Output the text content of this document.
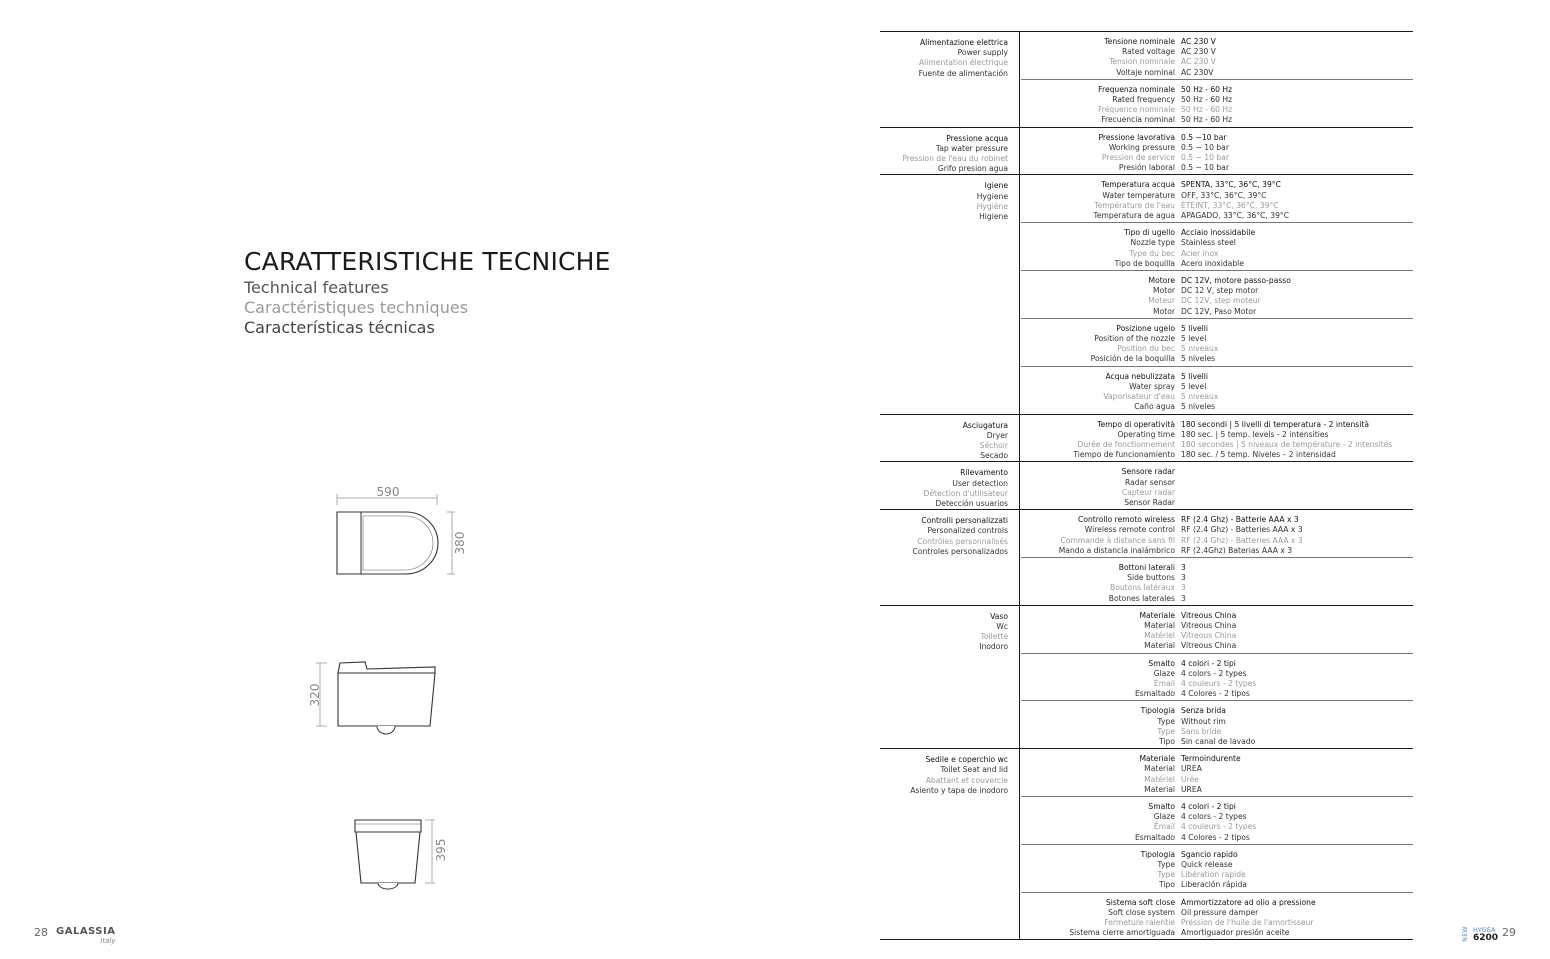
CARATTERISTICHE TECNICHE
Technical features
Caractéristiques techniques
Características técnicas
590
380
320
395
Alimentazione elettrica
Power supply
Alimentation électrique
Fuente de alimentación
Tensione nominale
Rated voltage
Tension nominale
Voltaje nominal
AC 230 V
AC 230 V
AC 230 V
AC 230V
Frequenza nominale
Rated frequency
Fréquence nominale
Frecuencia nominal
50 Hz - 60 Hz
50 Hz - 60 Hz
50 Hz - 60 Hz
50 Hz - 60 Hz
Pressione acqua
Tap water pressure
Pression de l'eau du robinet
Grifo presion agua
Pressione lavorativa
Working pressure
Pression de service
Presión laboral
0.5 ~10 bar
0.5 ~ 10 bar
0.5 ~ 10 bar
0.5 ~ 10 bar
Igiene
Hygiene
Hygiène
Higiene
Temperatura acqua
Water temperature
Température de l'eau
Temperatura de agua
SPENTA, 33°C, 36°C, 39°C
OFF, 33°C, 36°C, 39°C
ÉTEINT, 33°C, 36°C, 39°C
APAGADO, 33°C, 36°C, 39°C
Tipo di ugello
Nozzle type
Type du bec
Tipo de boquilla
Acciaio inossidabile
Stainless steel
Acier inox
Acero inoxidable
Motore
Motor
Moteur
Motor
DC 12V, motore passo-passo
DC 12 V, step motor
DC 12V, step moteur
DC 12V, Paso Motor
Posizione ugelo
Position of the nozzle
Position du bec
Posición de la boquilla
5 livelli
5 level
5 niveaux
5 niveles
Acqua nebulizzata
Water spray
Vaporisateur d'eau
Caño agua
5 livelli
5 level
5 niveaux
5 niveles
Asciugatura
Dryer
Séchoir
Secado
Tempo di operatività
Operating time
Durée de fonctionnement
Tiempo de funcionamiento
180 secondi | 5 livelli di temperatura - 2 intensità
180 sec. | 5 temp. levels - 2 intensities
180 secondes | 5 niveaux de température - 2 intensités
180 sec. / 5 temp. Niveles – 2 intensidad
Rilevamento
User detection
Détection d'utilisateur
Detección usuarios
Sensore radar
Radar sensor
Capteur radar
Sensor Radar

Controlli personalizzati
Personalized controls
Contrôles personnalisés
Controles personalizados
Controllo remoto wireless
Wireless remote control
Commande à distance sans fil
Mando a distancia inalámbrico
RF (2.4 Ghz) - Batterie AAA x 3
RF (2.4 Ghz) - Batteries AAA x 3
RF (2.4 Ghz) - Batteries AAA x 3
RF (2.4Ghz) Baterias AAA x 3
Bottoni laterali
Side buttons
Boutons latéraux
Botones laterales
3
3
3
3
Vaso
Wc
Toilette
Inodoro
Materiale
Material
Matériel
Material
Vitreous China
Vitreous China
Vitreous China
Vitreous China
Smalto
Glaze
Émail
Esmaltado
4 colori - 2 tipi
4 colors - 2 types
4 couleurs - 2 types
4 Colores - 2 tipos
Tipologia
Type
Type
Tipo
Senza brida
Without rim
Sans bride
Sin canal de lavado
Sedile e coperchio wc
Toilet Seat and lid
Abattant et couvercle
Asiento y tapa de inodoro
Materiale
Material
Matériel
Material
Termoindurente
UREA
Urée
UREA
Smalto
Glaze
Émail
Esmaltado
4 colori - 2 tipi
4 colors - 2 types
4 couleurs - 2 types
4 Colores - 2 tipos
Tipologia
Type
Type
Tipo
Sgancio rapido
Quick release
Libération rapide
Liberación rápida
Sistema soft close
Soft close system
Fermeture ralentie
Sistema cierre amortiguada
Ammortizzatore ad olio a pressione
Oil pressure damper
Pression de l'huile de l'amortisseur
Amortiguador presión aceite
28 GALASSIA
Italy	NEW HYGEA
6200 29
